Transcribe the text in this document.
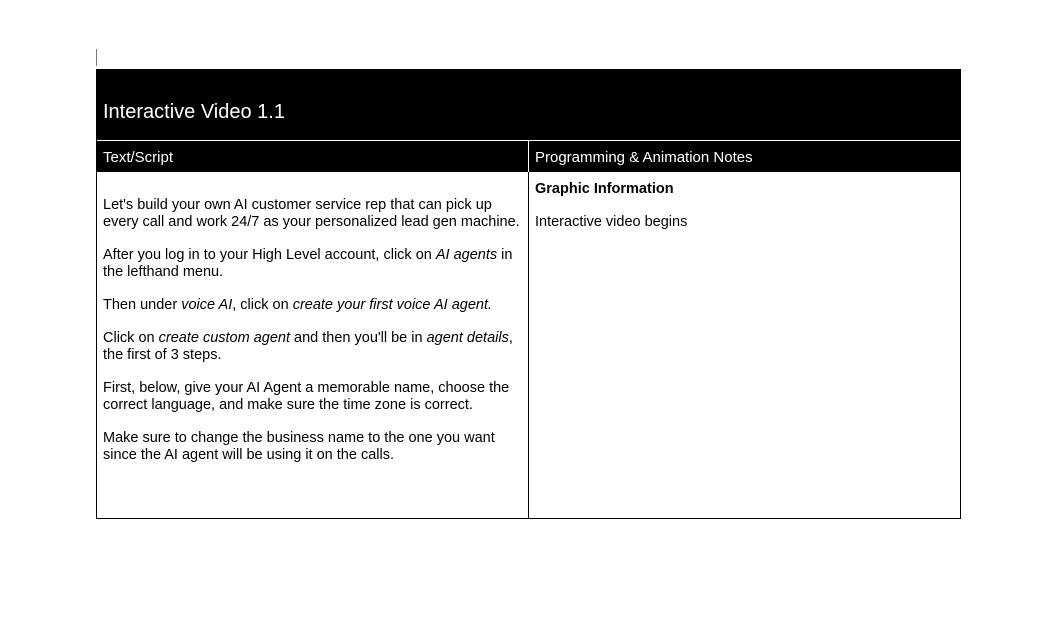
Interactive Video 1.1
Text/Script	Programming & Animation Notes

Let's build your own AI customer service rep that can pick up every call and work 24/7 as your personalized lead gen machine.

After you log in to your High Level account, click on AI agents in the lefthand menu.

Then under voice AI, click on create your first voice AI agent.

Click on create custom agent and then you'll be in agent details, the first of 3 steps.

First, below, give your AI Agent a memorable name, choose the correct language, and make sure the time zone is correct.

Make sure to change the business name to the one you want since the AI agent will be using it on the calls.

Graphic Information

Interactive video begins
